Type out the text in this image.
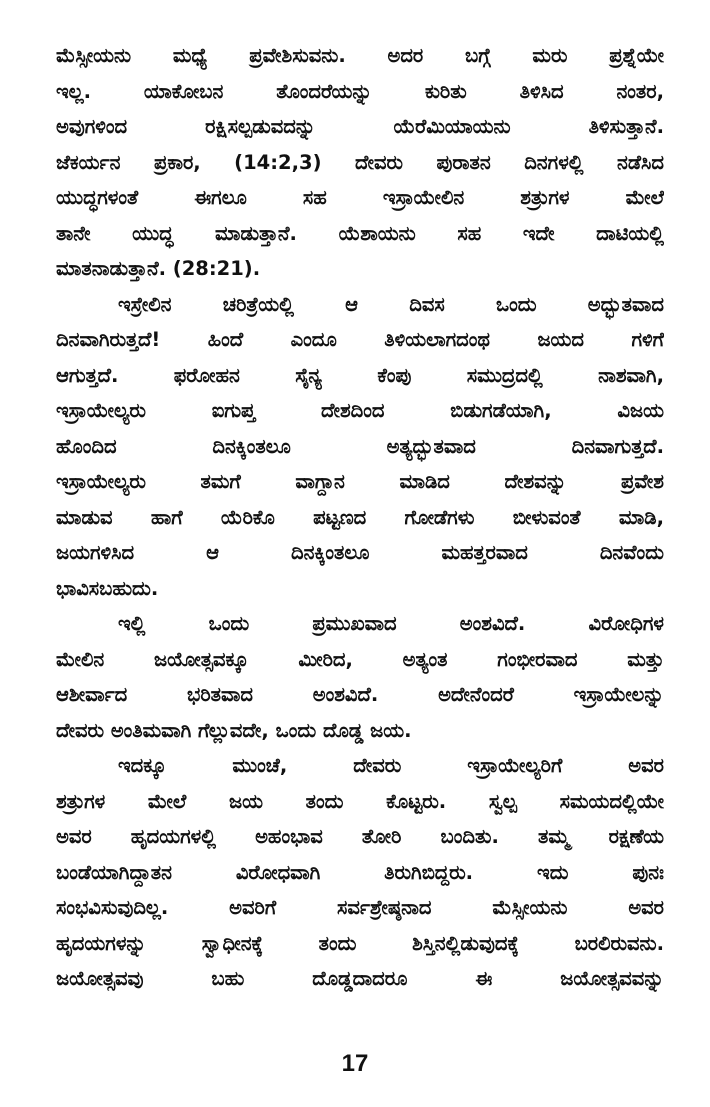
ಮೆಸ್ಸೀಯನು ಮಧ್ಯೆ ಪ್ರವೇಶಿಸುವನು. ಅದರ ಬಗ್ಗೆ ಮರು ಪ್ರಶ್ನೆಯೇ
ಇಲ್ಲ. ಯಾಕೋಬನ ತೊಂದರೆಯನ್ನು ಕುರಿತು ತಿಳಿಸಿದ ನಂತರ,
ಅವುಗಳಿಂದ ರಕ್ಷಿಸಲ್ಪಡುವದನ್ನು ಯೆರೆಮಿಯಾಯನು ತಿಳಿಸುತ್ತಾನೆ.
ಜೆಕರ್ಯನ ಪ್ರಕಾರ, (14:2,3) ದೇವರು ಪುರಾತನ ದಿನಗಳಲ್ಲಿ ನಡೆಸಿದ
ಯುದ್ಧಗಳಂತೆ ಈಗಲೂ ಸಹ ಇಸ್ರಾಯೇಲಿನ ಶತ್ರುಗಳ ಮೇಲೆ
ತಾನೇ ಯುದ್ಧ ಮಾಡುತ್ತಾನೆ. ಯೆಶಾಯನು ಸಹ ಇದೇ ದಾಟಿಯಲ್ಲಿ
ಮಾತನಾಡುತ್ತಾನೆ. (28:21).
ಇಸ್ರೇಲಿನ ಚರಿತ್ರೆಯಲ್ಲಿ ಆ ದಿವಸ ಒಂದು ಅದ್ಭುತವಾದ
ದಿನವಾಗಿರುತ್ತದೆ! ಹಿಂದೆ ಎಂದೂ ತಿಳಿಯಲಾಗದಂಥ ಜಯದ ಗಳಿಗೆ
ಆಗುತ್ತದೆ. ಫರೋಹನ ಸೈನ್ಯ ಕೆಂಪು ಸಮುದ್ರದಲ್ಲಿ ನಾಶವಾಗಿ,
ಇಸ್ರಾಯೇಲ್ಯರು ಐಗುಪ್ತ ದೇಶದಿಂದ ಬಿಡುಗಡೆಯಾಗಿ, ವಿಜಯ
ಹೊಂದಿದ ದಿನಕ್ಕಿಂತಲೂ ಅತ್ಯದ್ಭುತವಾದ ದಿನವಾಗುತ್ತದೆ.
ಇಸ್ರಾಯೇಲ್ಯರು ತಮಗೆ ವಾಗ್ದಾನ ಮಾಡಿದ ದೇಶವನ್ನು ಪ್ರವೇಶ
ಮಾಡುವ ಹಾಗೆ ಯೆರಿಕೊ ಪಟ್ಟಣದ ಗೋಡೆಗಳು ಬೀಳುವಂತೆ ಮಾಡಿ,
ಜಯಗಳಿಸಿದ ಆ ದಿನಕ್ಕಿಂತಲೂ ಮಹತ್ತರವಾದ ದಿನವೆಂದು
ಭಾವಿಸಬಹುದು.
ಇಲ್ಲಿ ಒಂದು ಪ್ರಮುಖವಾದ ಅಂಶವಿದೆ. ವಿರೋಧಿಗಳ
ಮೇಲಿನ ಜಯೋತ್ಸವಕ್ಕೂ ಮೀರಿದ, ಅತ್ಯಂತ ಗಂಭೀರವಾದ ಮತ್ತು
ಆಶೀರ್ವಾದ ಭರಿತವಾದ ಅಂಶವಿದೆ. ಅದೇನೆಂದರೆ ಇಸ್ರಾಯೇಲನ್ನು
ದೇವರು ಅಂತಿಮವಾಗಿ ಗೆಲ್ಲುವದೇ, ಒಂದು ದೊಡ್ಡ ಜಯ.
ಇದಕ್ಕೂ ಮುಂಚೆ, ದೇವರು ಇಸ್ರಾಯೇಲ್ಯರಿಗೆ ಅವರ
ಶತ್ರುಗಳ ಮೇಲೆ ಜಯ ತಂದು ಕೊಟ್ಟರು. ಸ್ವಲ್ಪ ಸಮಯದಲ್ಲಿಯೇ
ಅವರ ಹೃದಯಗಳಲ್ಲಿ ಅಹಂಭಾವ ತೋರಿ ಬಂದಿತು. ತಮ್ಮ ರಕ್ಷಣೆಯ
ಬಂಡೆಯಾಗಿದ್ದಾತನ ವಿರೋಧವಾಗಿ ತಿರುಗಿಬಿದ್ದರು. ಇದು ಪುನಃ
ಸಂಭವಿಸುವುದಿಲ್ಲ. ಅವರಿಗೆ ಸರ್ವಶ್ರೇಷ್ಠನಾದ ಮೆಸ್ಸೀಯನು ಅವರ
ಹೃದಯಗಳನ್ನು ಸ್ವಾಧೀನಕ್ಕೆ ತಂದು ಶಿಸ್ತಿನಲ್ಲಿಡುವುದಕ್ಕೆ ಬರಲಿರುವನು.
ಜಯೋತ್ಸವವು ಬಹು ದೊಡ್ಡದಾದರೂ ಈ ಜಯೋತ್ಸವವನ್ನು
17
